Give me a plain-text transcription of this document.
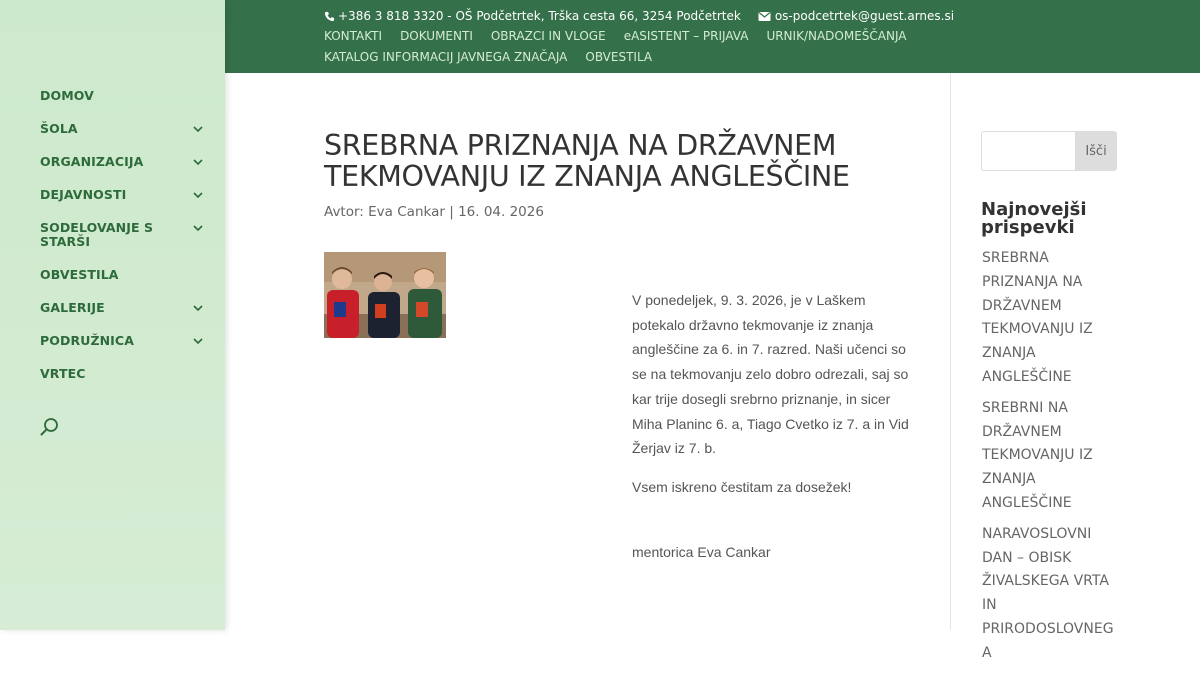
DOMOV
ŠOLA
ORGANIZACIJA
DEJAVNOSTI
SODELOVANJE S STARŠI
OBVESTILA
GALERIJE
PODRUŽNICA
VRTEC
+386 3 818 3320 - OŠ Podčetrtek, Trška cesta 66, 3254 Podčetrtek	os-podcetrtek@guest.arnes.si
KONTAKTI DOKUMENTI OBRAZCI IN VLOGE eASISTENT – PRIJAVA URNIK/NADOMEŠČANJA
KATALOG INFORMACIJ JAVNEGA ZNAČAJA OBVESTILA
SREBRNA PRIZNANJA NA DRŽAVNEM TEKMOVANJU IZ ZNANJA ANGLEŠČINE
Avtor: Eva Cankar | 16. 04. 2026

V ponedeljek, 9. 3. 2026, je v Laškem potekalo državno tekmovanje iz znanja angleščine za 6. in 7. razred. Naši učenci so se na tekmovanju zelo dobro odrezali, saj so kar trije dosegli srebrno priznanje, in sicer Miha Planinc 6. a, Tiago Cvetko iz 7. a in Vid Žerjav iz 7. b.

Vsem iskreno čestitam za dosežek!

mentorica Eva Cankar

Išči
Najnovejši prispevki
SREBRNA PRIZNANJA NA DRŽAVNEM TEKMOVANJU IZ ZNANJA ANGLEŠČINE
SREBRNI NA DRŽAVNEM TEKMOVANJU IZ ZNANJA ANGLEŠČINE
NARAVOSLOVNI DAN – OBISK ŽIVALSKEGA VRTA IN PRIRODOSLOVNEGA
